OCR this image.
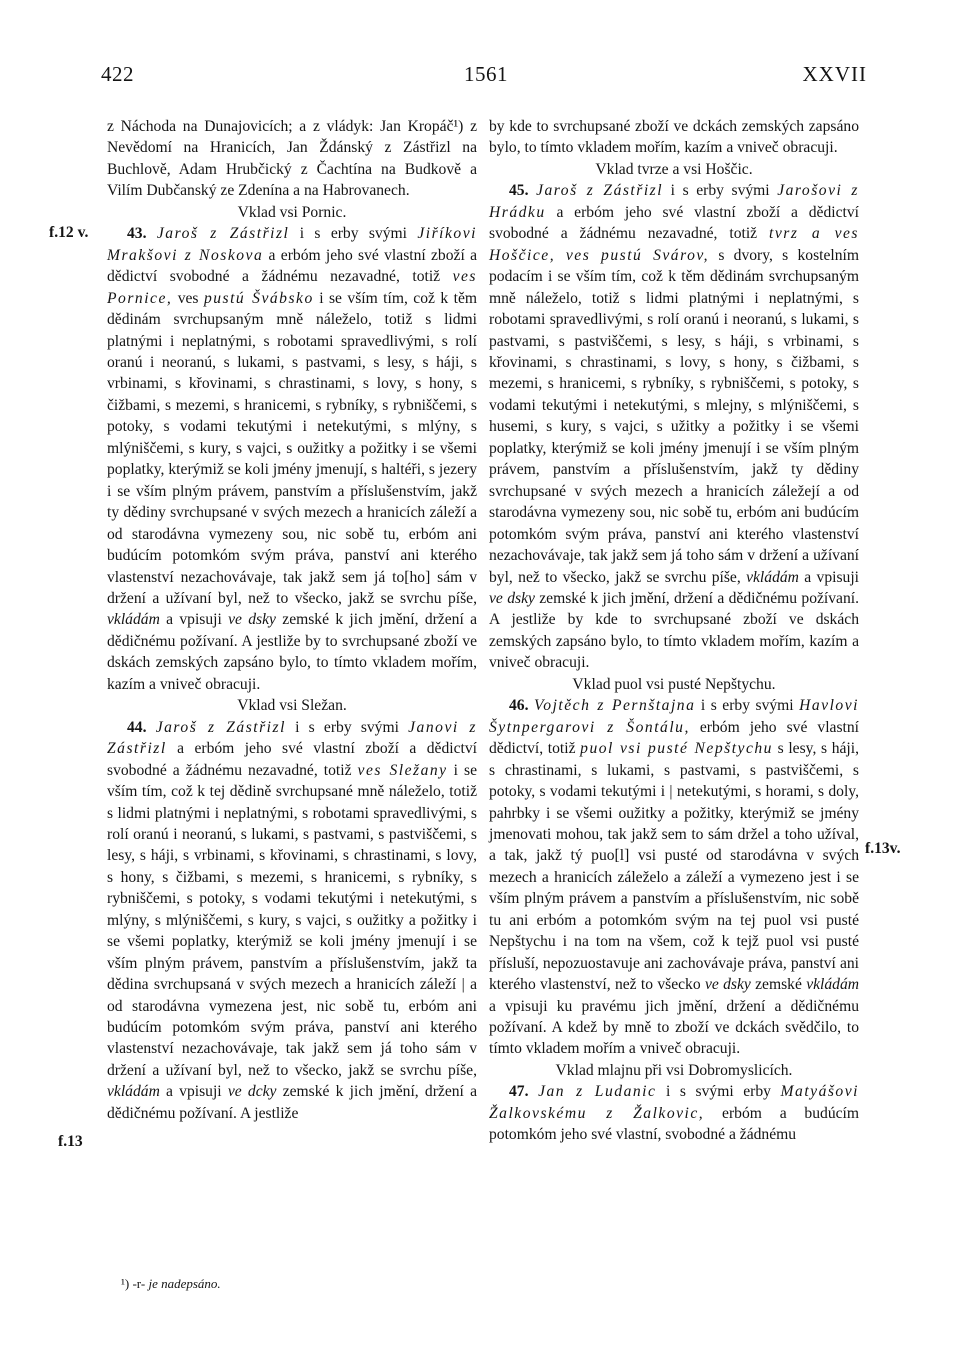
422	1561	XXVII
f.12 v.
f.13
f.13v.

z Náchoda na Dunajovicích; a z vládyk: Jan Kropáč¹) z Nevědomí na Hranicích, Jan Ždánský z Zástřizl na Buchlově, Adam Hrubčický z Čachtína na Budkově a Vilím Dubčanský ze Zdenína a na Habrovanech.

Vklad vsi Pornic.

43. Jaroš z Zástřizl i s erby svými Jiříkovi Mrakšovi z Noskova a erbóm jeho své vlastní zboží a dědictví svobodné a žádnému nezavadné, totiž ves Pornice, ves pustú Švábsko i se vším tím, což k těm dědinám svrchupsaným mně náleželo, totiž s lidmi platnými i neplatnými, s robotami spravedlivými, s rolí oranú i neoranú, s lukami, s pastvami, s lesy, s háji, s vrbinami, s křovinami, s chrastinami, s lovy, s hony, s čižbami, s mezemi, s hranicemi, s rybníky, s rybniščemi, s potoky, s vodami tekutými i netekutými, s mlýny, s mlýniščemi, s kury, s vajci, s oužitky a požitky i se všemi poplatky, kterýmiž se koli jmény jmenují, s haltéři, s jezery i se vším plným právem, panstvím a příslušenstvím, jakž ty dědiny svrchupsané v svých mezech a hranicích záleží a od starodávna vymezeny sou, nic sobě tu, erbóm ani budúcím potomkóm svým práva, panství ani kterého vlastenství nezachovávaje, tak jakž sem já to[ho] sám v držení a užívaní byl, než to všecko, jakž se svrchu píše, vkládám a vpisuji ve dsky zemské k jich jmění, držení a dědičnému požívaní. A jestliže by to svrchupsané zboží ve dskách zemských zapsáno bylo, to tímto vkladem mořím, kazím a vnivеč obracuji.

Vklad vsi Sležan.

44. Jaroš z Zástřizl i s erby svými Janovi z Zástřizl a erbóm jeho své vlastní zboží a dědictví svobodné a žádnému nezavadné, totiž ves Sležany i se vším tím, což k tej dědině svrchupsané mně náleželo, totiž s lidmi platnými i neplatnými, s robotami spravedlivými, s rolí oranú i neoranú, s lukami, s pastvami, s pastviščemi, s lesy, s háji, s vrbinami, s křovinami, s chrastinami, s lovy, s hony, s čižbami, s mezemi, s hranicemi, s rybníky, s rybniščemi, s potoky, s vodami tekutými i netekutými, s mlýny, s mlýniščemi, s kury, s vajci, s oužitky a požitky i se všemi poplatky, kterýmiž se koli jmény jmenují i se vším plným právem, panstvím a příslušenstvím, jakž ta dědina svrchupsaná v svých mezech a hranicích záleží | a od starodávna vymezena jest, nic sobě tu, erbóm ani budúcím potomkóm svým práva, panství ani kterého vlastenství nezachovávaje, tak jakž sem já toho sám v držení a užívaní byl, než to všecko, jakž se svrchu píše, vkládám a vpisuji ve dcky zemské k jich jmění, držení a dědičnému požívaní. A jestliže

by kde to svrchupsané zboží ve dckách zemských zapsáno bylo, to tímto vkladem mořím, kazím a vnivеč obracuji.

Vklad tvrze a vsi Hoščic.

45. Jaroš z Zástřizl i s erby svými Jarošovi z Hrádku a erbóm jeho své vlastní zboží a dědictví svobodné a žádnému nezavadné, totiž tvrz a ves Hoščice, ves pustú Svárov, s dvory, s kostelním podacím i se vším tím, což k těm dědinám svrchupsaným mně náleželo, totiž s lidmi platnými i neplatnými, s robotami spravedlivými, s rolí oranú i neoranú, s lukami, s pastvami, s pastviščemi, s lesy, s háji, s vrbinami, s křovinami, s chrastinami, s lovy, s hony, s čižbami, s mezemi, s hranicemi, s rybníky, s rybniščemi, s potoky, s vodami tekutými i netekutými, s mlejny, s mlýniščemi, s husemi, s kury, s vajci, s užitky a požitky i se všemi poplatky, kterýmiž se koli jmény jmenují i se vším plným právem, panstvím a příslušenstvím, jakž ty dědiny svrchupsané v svých mezech a hranicích záležejí a od starodávna vymezeny sou, nic sobě tu, erbóm ani budúcím potomkóm svým práva, panství ani kterého vlastenství nezachovávaje, tak jakž sem já toho sám v držení a užívaní byl, než to všecko, jakž se svrchu píše, vkládám a vpisuji ve dsky zemské k jich jmění, držení a dědičnému požívaní. A jestliže by kde to svrchupsané zboží ve dskách zemských zapsáno bylo, to tímto vkladem mořím, kazím a vnivеč obracuji.

Vklad puol vsi pusté Nepštychu.

46. Vojtěch z Pernštajna i s erby svými Havlovi Šytnpergarovi z Šontálu, erbóm jeho své vlastní dědictví, totiž puol vsi pusté Nepštychu s lesy, s háji, s chrastinami, s lukami, s pastvami, s pastviščemi, s potoky, s vodami tekutými i | netekutými, s horami, s doly, pahrbky i se všemi oužitky a požitky, kterýmiž se jmény jmenovati mohou, tak jakž sem to sám držel a toho užíval, a tak, jakž tý puo[l] vsi pusté od starodávna v svých mezech a hranicích záleželo a záleží a vymezeno jest i se vším plným právem a panstvím a příslušenstvím, nic sobě tu ani erbóm a potomkóm svým na tej puol vsi pusté Nepštychu i na tom na všem, což k tejž puol vsi pusté přísluší, nepozuostavuje ani zachovávaje práva, panství ani kterého vlastenství, než to všecko ve dsky zemské vkládám a vpisuji ku pravému jich jmění, držení a dědičnému požívaní. A kdež by mně to zboží ve dckách svědčilo, to tímto vkladem mořím a vnivеč obracuji.

Vklad mlajnu při vsi Dobromyslicích.

47. Jan z Ludanic i s svými erby Matyášovi Žalkovskému z Žalkovic, erbóm a budúcím potomkóm jeho své vlastní, svobodné a žádnému

¹) -r- je nadepsáno.
